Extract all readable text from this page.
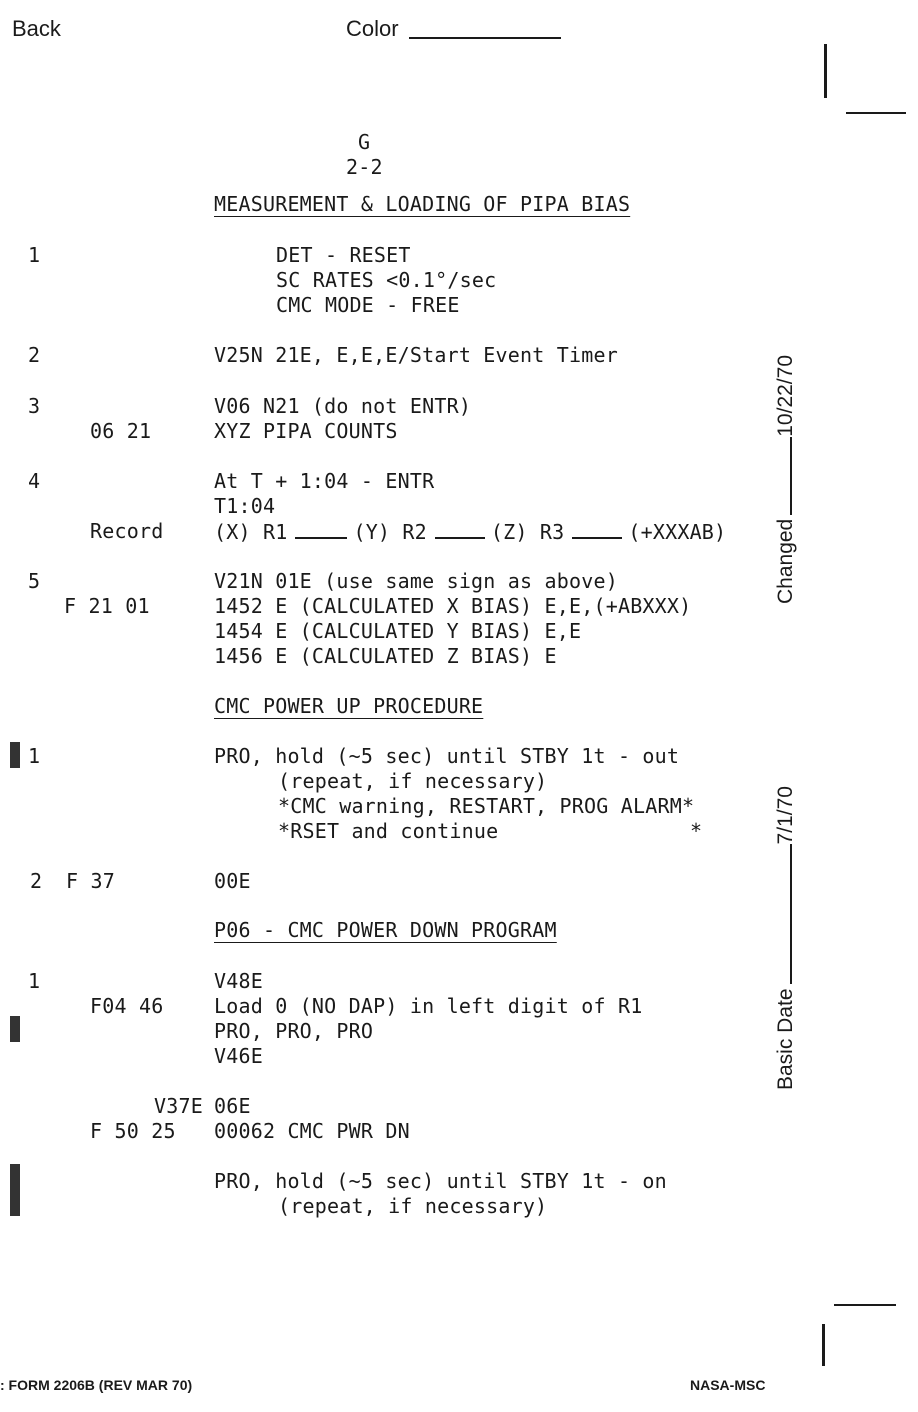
Back	Color
G
2-2
MEASUREMENT & LOADING OF PIPA BIAS
1	DET - RESET
SC RATES <0.1°/sec
CMC MODE - FREE
2	V25N 21E, E,E,E/Start Event Timer
3	V06 N21 (do not ENTR)
06 21	XYZ PIPA COUNTS
4	At T + 1:04 - ENTR
T1:04
Record	(X) R1	(Y) R2	(Z) R3	(+XXXAB)
5	V21N 01E (use same sign as above)
F 21 01	1452 E (CALCULATED X BIAS) E,E,(+ABXXX)
1454 E (CALCULATED Y BIAS) E,E
1456 E (CALCULATED Z BIAS) E
CMC POWER UP PROCEDURE
1	PRO, hold (~5 sec) until STBY 1t - out
(repeat, if necessary)
*CMC warning, RESTART, PROG ALARM*
*RSET and continue	*
2 F 37	00E
P06 - CMC POWER DOWN PROGRAM
1	V48E
F04 46	Load 0 (NO DAP) in left digit of R1
PRO, PRO, PRO
V46E
V37E 06E
F 50 25 00062 CMC PWR DN
PRO, hold (~5 sec) until STBY 1t - on
(repeat, if necessary)
Changed10/22/70
Basic Date7/1/70
: FORM 2206B (REV MAR 70)	NASA-MSC
